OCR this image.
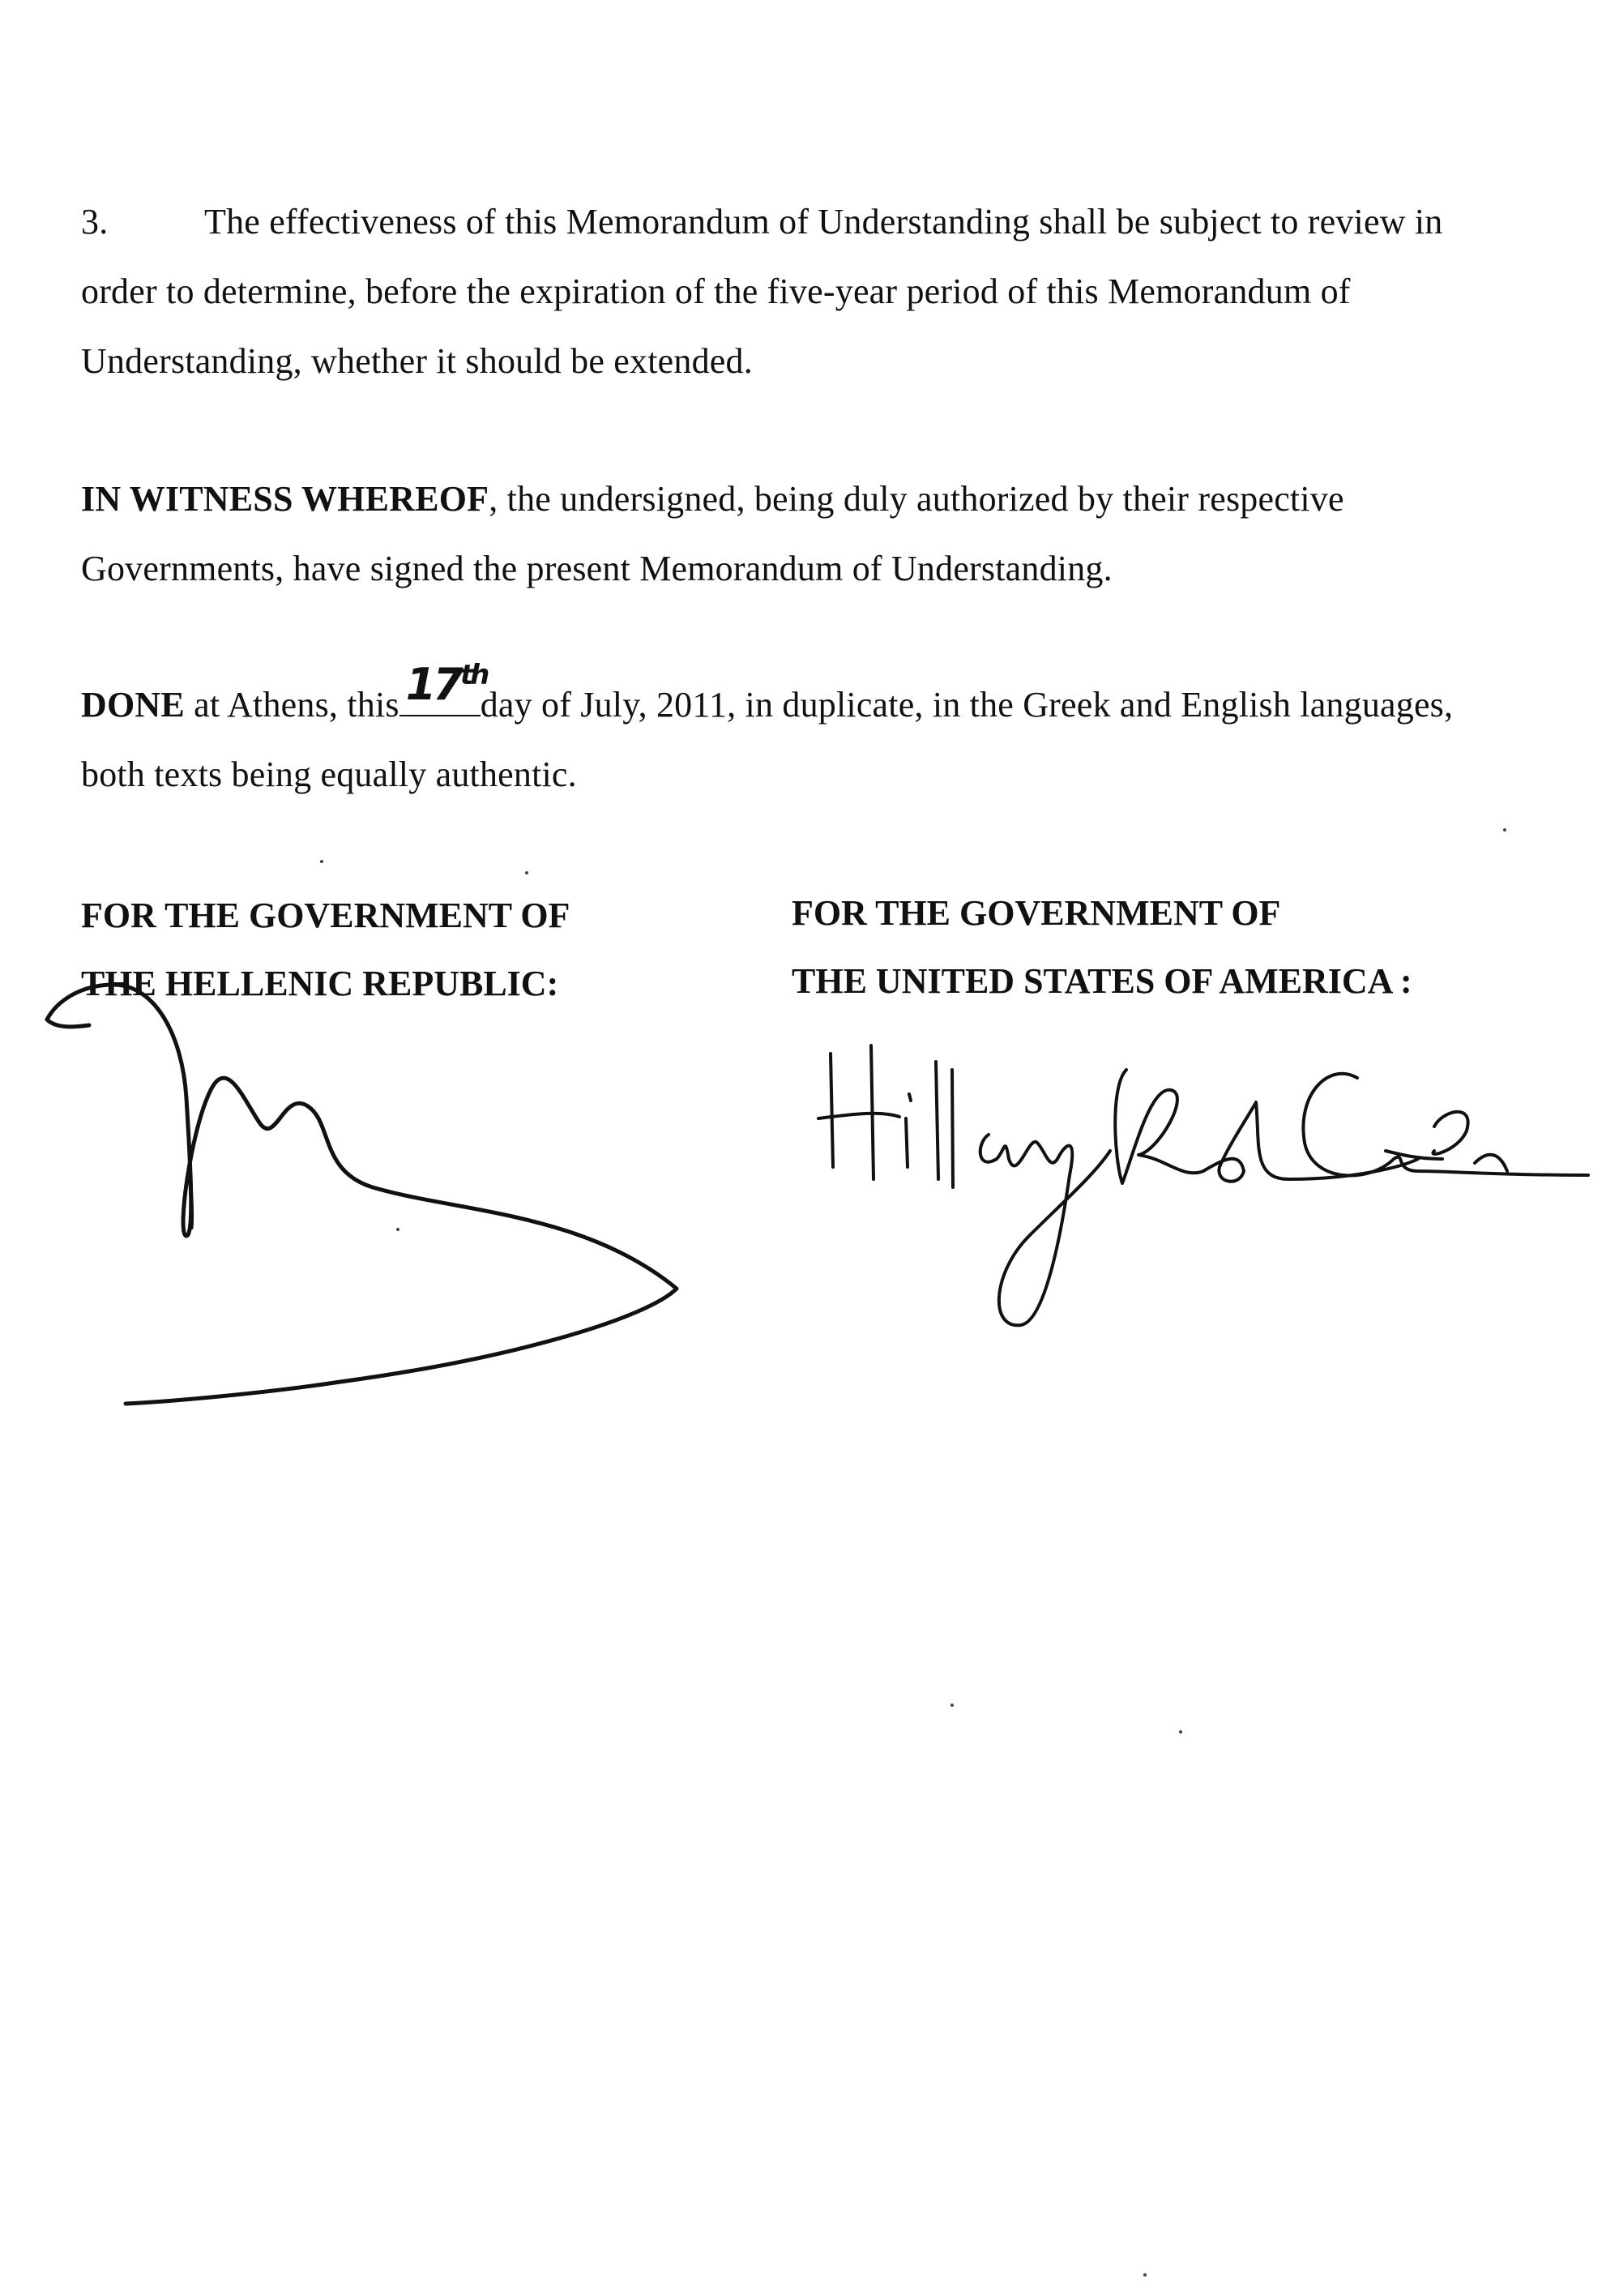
3.	The effectiveness of this Memorandum of Understanding shall be subject to review in order to determine, before the expiration of the five-year period of this Memorandum of Understanding, whether it should be extended.
IN WITNESS WHEREOF, the undersigned, being duly authorized by their respective Governments, have signed the present Memorandum of Understanding.
DONE at Athens, this 17th
day of July, 2011, in duplicate, in the Greek and English languages, both texts being equally authentic.
FOR THE GOVERNMENT OF
THE HELLENIC REPUBLIC:
FOR THE GOVERNMENT OF
THE UNITED STATES OF AMERICA :
